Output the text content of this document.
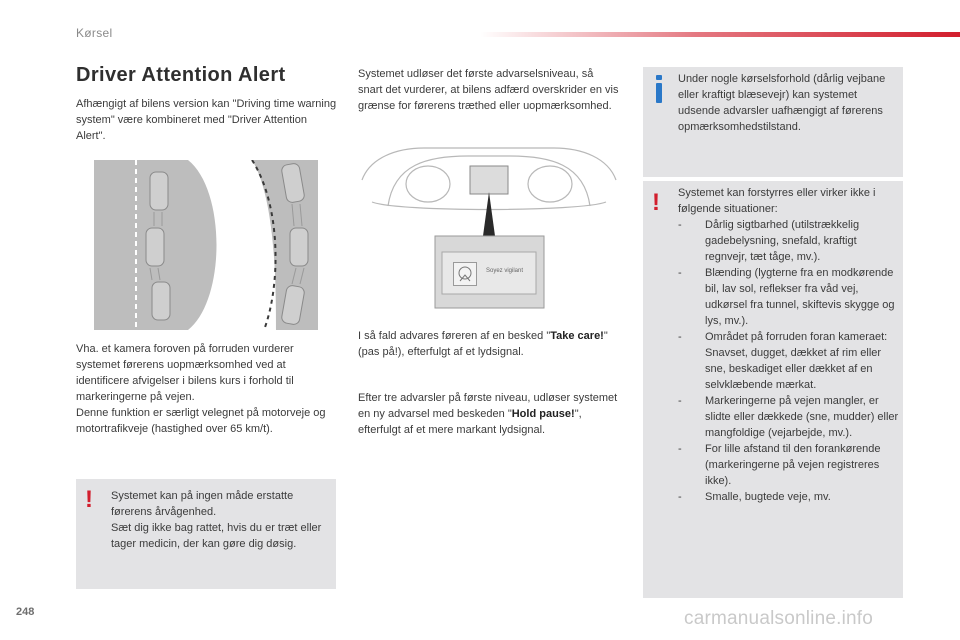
Kørsel
Driver Attention Alert
Afhængigt af bilens version kan "Driving time warning system" være kombineret med "Driver Attention Alert".
Vha. et kamera foroven på forruden vurderer systemet førerens uopmærksomhed ved at identificere afvigelser i bilens kurs i forhold til markeringerne på vejen.
Denne funktion er særligt velegnet på motorveje og motortrafikveje (hastighed over 65 km/t).
! Systemet kan på ingen måde erstatte førerens årvågenhed.
Sæt dig ikke bag rattet, hvis du er træt eller tager medicin, der kan gøre dig døsig.
Systemet udløser det første advarselsniveau, så snart det vurderer, at bilens adfærd overskrider en vis grænse for førerens træthed eller uopmærksomhed.
Soyez vigilant
I så fald advares føreren af en besked "Take care!" (pas på!), efterfulgt af et lydsignal.
Efter tre advarsler på første niveau, udløser systemet en ny advarsel med beskeden "Hold pause!", efterfulgt af et mere markant lydsignal.
Under nogle kørselsforhold (dårlig vejbane eller kraftigt blæsevejr) kan systemet udsende advarsler uafhængigt af førerens opmærksomhedstilstand.
! Systemet kan forstyrres eller virker ikke i følgende situationer:
- Dårlig sigtbarhed (utilstrækkelig gadebelysning, snefald, kraftigt regnvejr, tæt tåge, mv.).
- Blænding (lygterne fra en modkørende bil, lav sol, reflekser fra våd vej, udkørsel fra tunnel, skiftevis skygge og lys, mv.).
- Området på forruden foran kameraet: Snavset, dugget, dækket af rim eller sne, beskadiget eller dækket af en selvklæbende mærkat.
- Markeringerne på vejen mangler, er slidte eller dækkede (sne, mudder) eller mangfoldige (vejarbejde, mv.).
- For lille afstand til den forankørende (markeringerne på vejen registreres ikke).
- Smalle, bugtede veje, mv.
248	carmanualsonline.info
